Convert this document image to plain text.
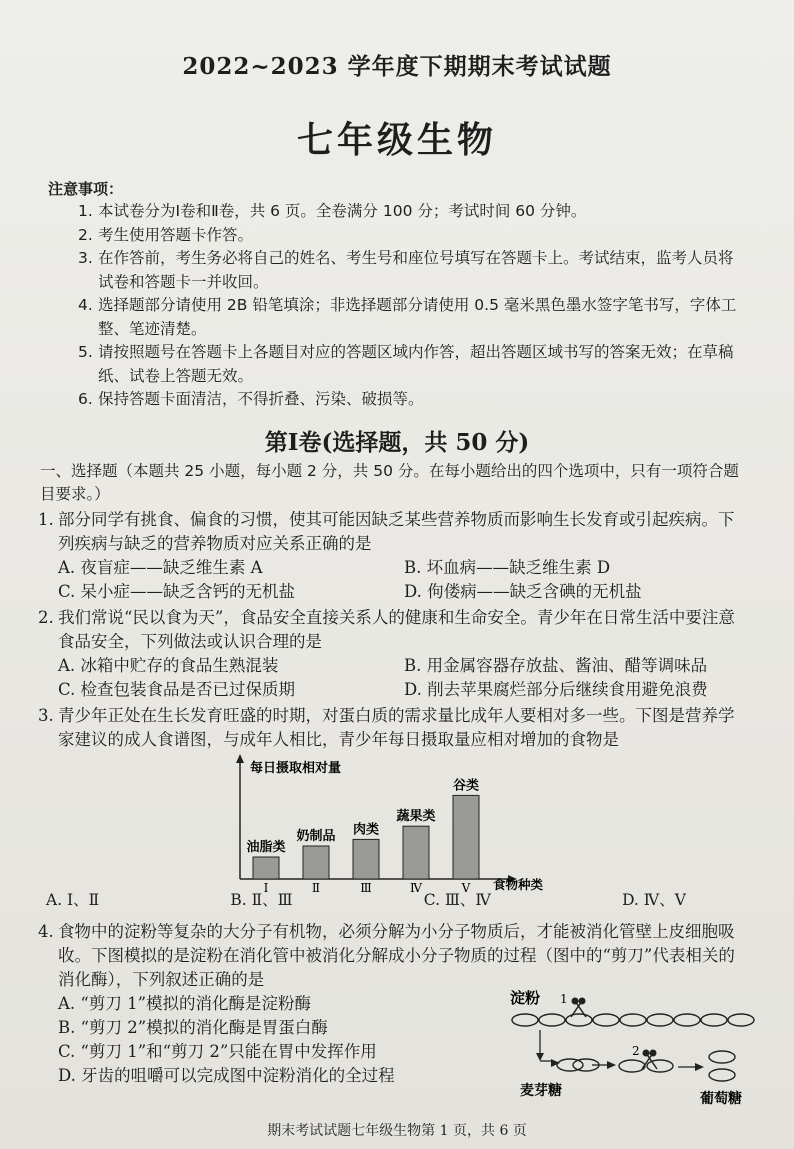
2022~2023 学年度下期期末考试试题
七年级生物
注意事项：
1. 本试卷分为Ⅰ卷和Ⅱ卷，共 6 页。全卷满分 100 分；考试时间 60 分钟。
2. 考生使用答题卡作答。
3. 在作答前，考生务必将自己的姓名、考生号和座位号填写在答题卡上。考试结束，监考人员将试卷和答题卡一并收回。
4. 选择题部分请使用 2B 铅笔填涂；非选择题部分请使用 0.5 毫米黑色墨水签字笔书写，字体工整、笔迹清楚。
5. 请按照题号在答题卡上各题目对应的答题区域内作答，超出答题区域书写的答案无效；在草稿纸、试卷上答题无效。
6. 保持答题卡面清洁，不得折叠、污染、破损等。
第Ⅰ卷(选择题，共 50 分)
一、选择题（本题共 25 小题，每小题 2 分，共 50 分。在每小题给出的四个选项中，只有一项符合题目要求。）
1. 部分同学有挑食、偏食的习惯，使其可能因缺乏某些营养物质而影响生长发育或引起疾病。下列疾病与缺乏的营养物质对应关系正确的是
A. 夜盲症——缺乏维生素 A	B. 坏血病——缺乏维生素 D
C. 呆小症——缺乏含钙的无机盐	D. 佝偻病——缺乏含碘的无机盐
2. 我们常说“民以食为天”，食品安全直接关系人的健康和生命安全。青少年在日常生活中要注意食品安全，下列做法或认识合理的是
A. 冰箱中贮存的食品生熟混装	B. 用金属容器存放盐、酱油、醋等调味品
C. 检查包装食品是否已过保质期	D. 削去苹果腐烂部分后继续食用避免浪费
3. 青少年正处在生长发育旺盛的时期，对蛋白质的需求量比成年人要相对多一些。下图是营养学家建议的成人食谱图，与成年人相比，青少年每日摄取量应相对增加的食物是
每日摄取相对量
食物种类
油脂类
Ⅰ
奶制品
Ⅱ
肉类
Ⅲ
蔬果类
Ⅳ
谷类
Ⅴ
A. Ⅰ、Ⅱ	B. Ⅱ、Ⅲ	C. Ⅲ、Ⅳ	D. Ⅳ、Ⅴ
4. 食物中的淀粉等复杂的大分子有机物，必须分解为小分子物质后，才能被消化管壁上皮细胞吸收。下图模拟的是淀粉在消化管中被消化分解成小分子物质的过程（图中的“剪刀”代表相关的消化酶），下列叙述正确的是
A. “剪刀 1”模拟的消化酶是淀粉酶
B. “剪刀 2”模拟的消化酶是胃蛋白酶
C. “剪刀 1”和“剪刀 2”只能在胃中发挥作用
D. 牙齿的咀嚼可以完成图中淀粉消化的全过程
淀粉 1
2
麦芽糖	葡萄糖
期末考试试题七年级生物第 1 页，共 6 页
